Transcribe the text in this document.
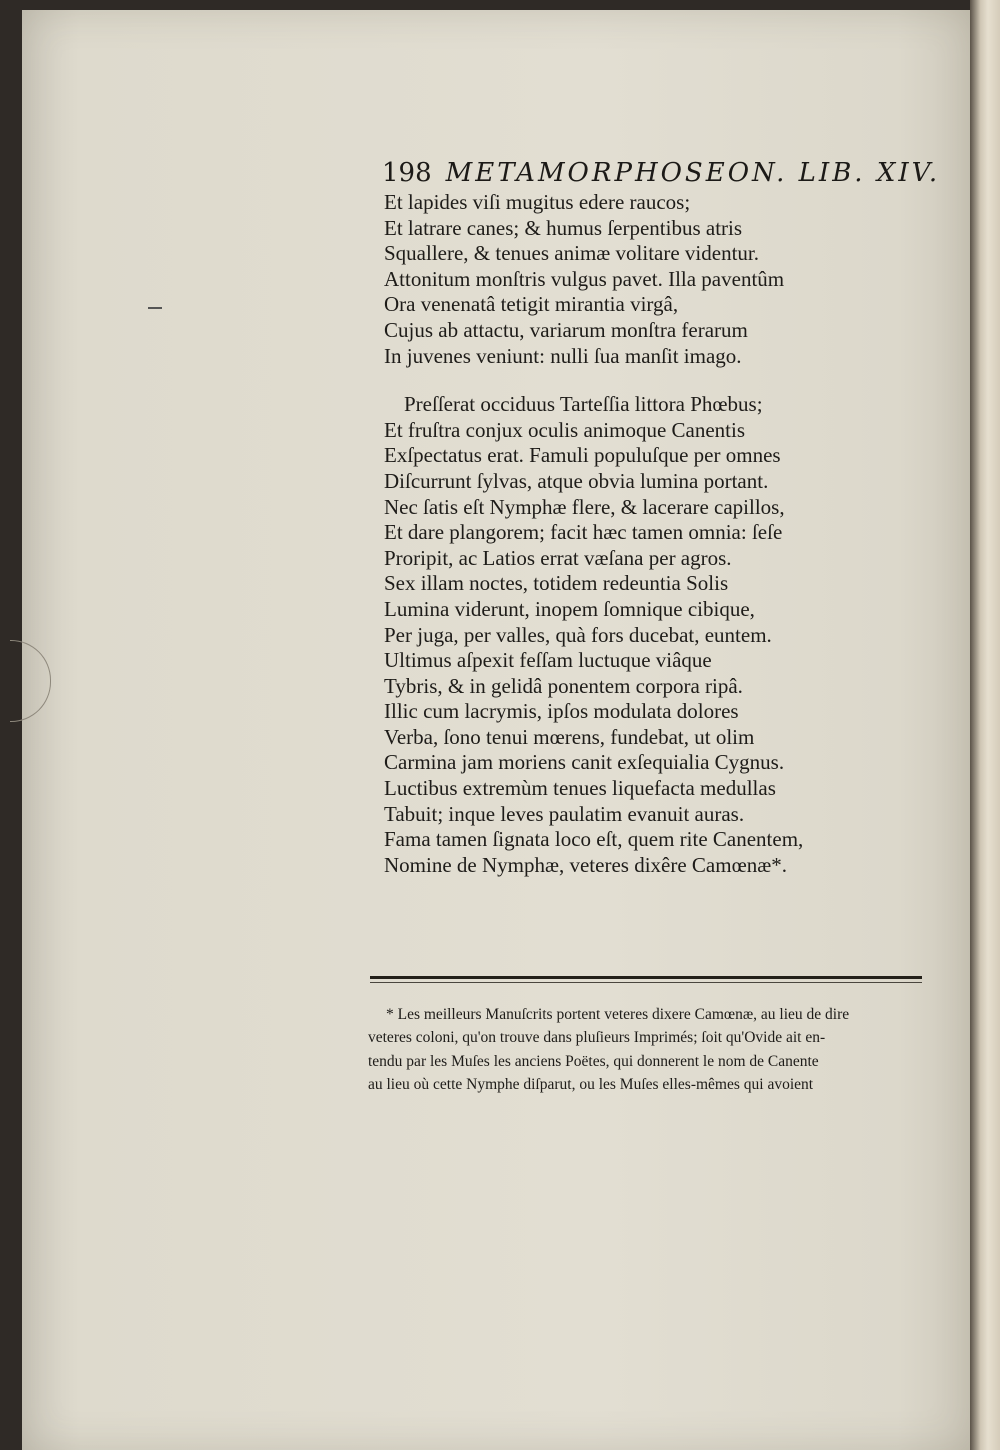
198 METAMORPHOSEON. LIB. XIV.
Et lapides viſi mugitus edere raucos;
Et latrare canes; & humus ſerpentibus atris
Squallere, & tenues animæ volitare videntur.
Attonitum monſtris vulgus pavet. Illa paventûm
Ora venenatâ tetigit mirantia virgâ,
Cujus ab attactu, variarum monſtra ferarum
In juvenes veniunt: nulli ſua manſit imago.
Preſſerat occiduus Tarteſſia littora Phœbus;
Et fruſtra conjux oculis animoque Canentis
Exſpectatus erat. Famuli populuſque per omnes
Diſcurrunt ſylvas, atque obvia lumina portant.
Nec ſatis eſt Nymphæ flere, & lacerare capillos,
Et dare plangorem; facit hæc tamen omnia: ſeſe
Proripit, ac Latios errat væſana per agros.
Sex illam noctes, totidem redeuntia Solis
Lumina viderunt, inopem ſomnique cibique,
Per juga, per valles, quà fors ducebat, euntem.
Ultimus aſpexit feſſam luctuque viâque
Tybris, & in gelidâ ponentem corpora ripâ.
Illic cum lacrymis, ipſos modulata dolores
Verba, ſono tenui mœrens, fundebat, ut olim
Carmina jam moriens canit exſequialia Cygnus.
Luctibus extremùm tenues liquefacta medullas
Tabuit; inque leves paulatim evanuit auras.
Fama tamen ſignata loco eſt, quem rite Canentem,
Nomine de Nymphæ, veteres dixêre Camœnæ*.
* Les meilleurs Manuſcrits portent veteres dixere Camœnæ, au lieu de dire
veteres coloni, qu'on trouve dans pluſieurs Imprimés; ſoit qu'Ovide ait en-
tendu par les Muſes les anciens Poëtes, qui donnerent le nom de Canente
au lieu où cette Nymphe diſparut, ou les Muſes elles-mêmes qui avoient
